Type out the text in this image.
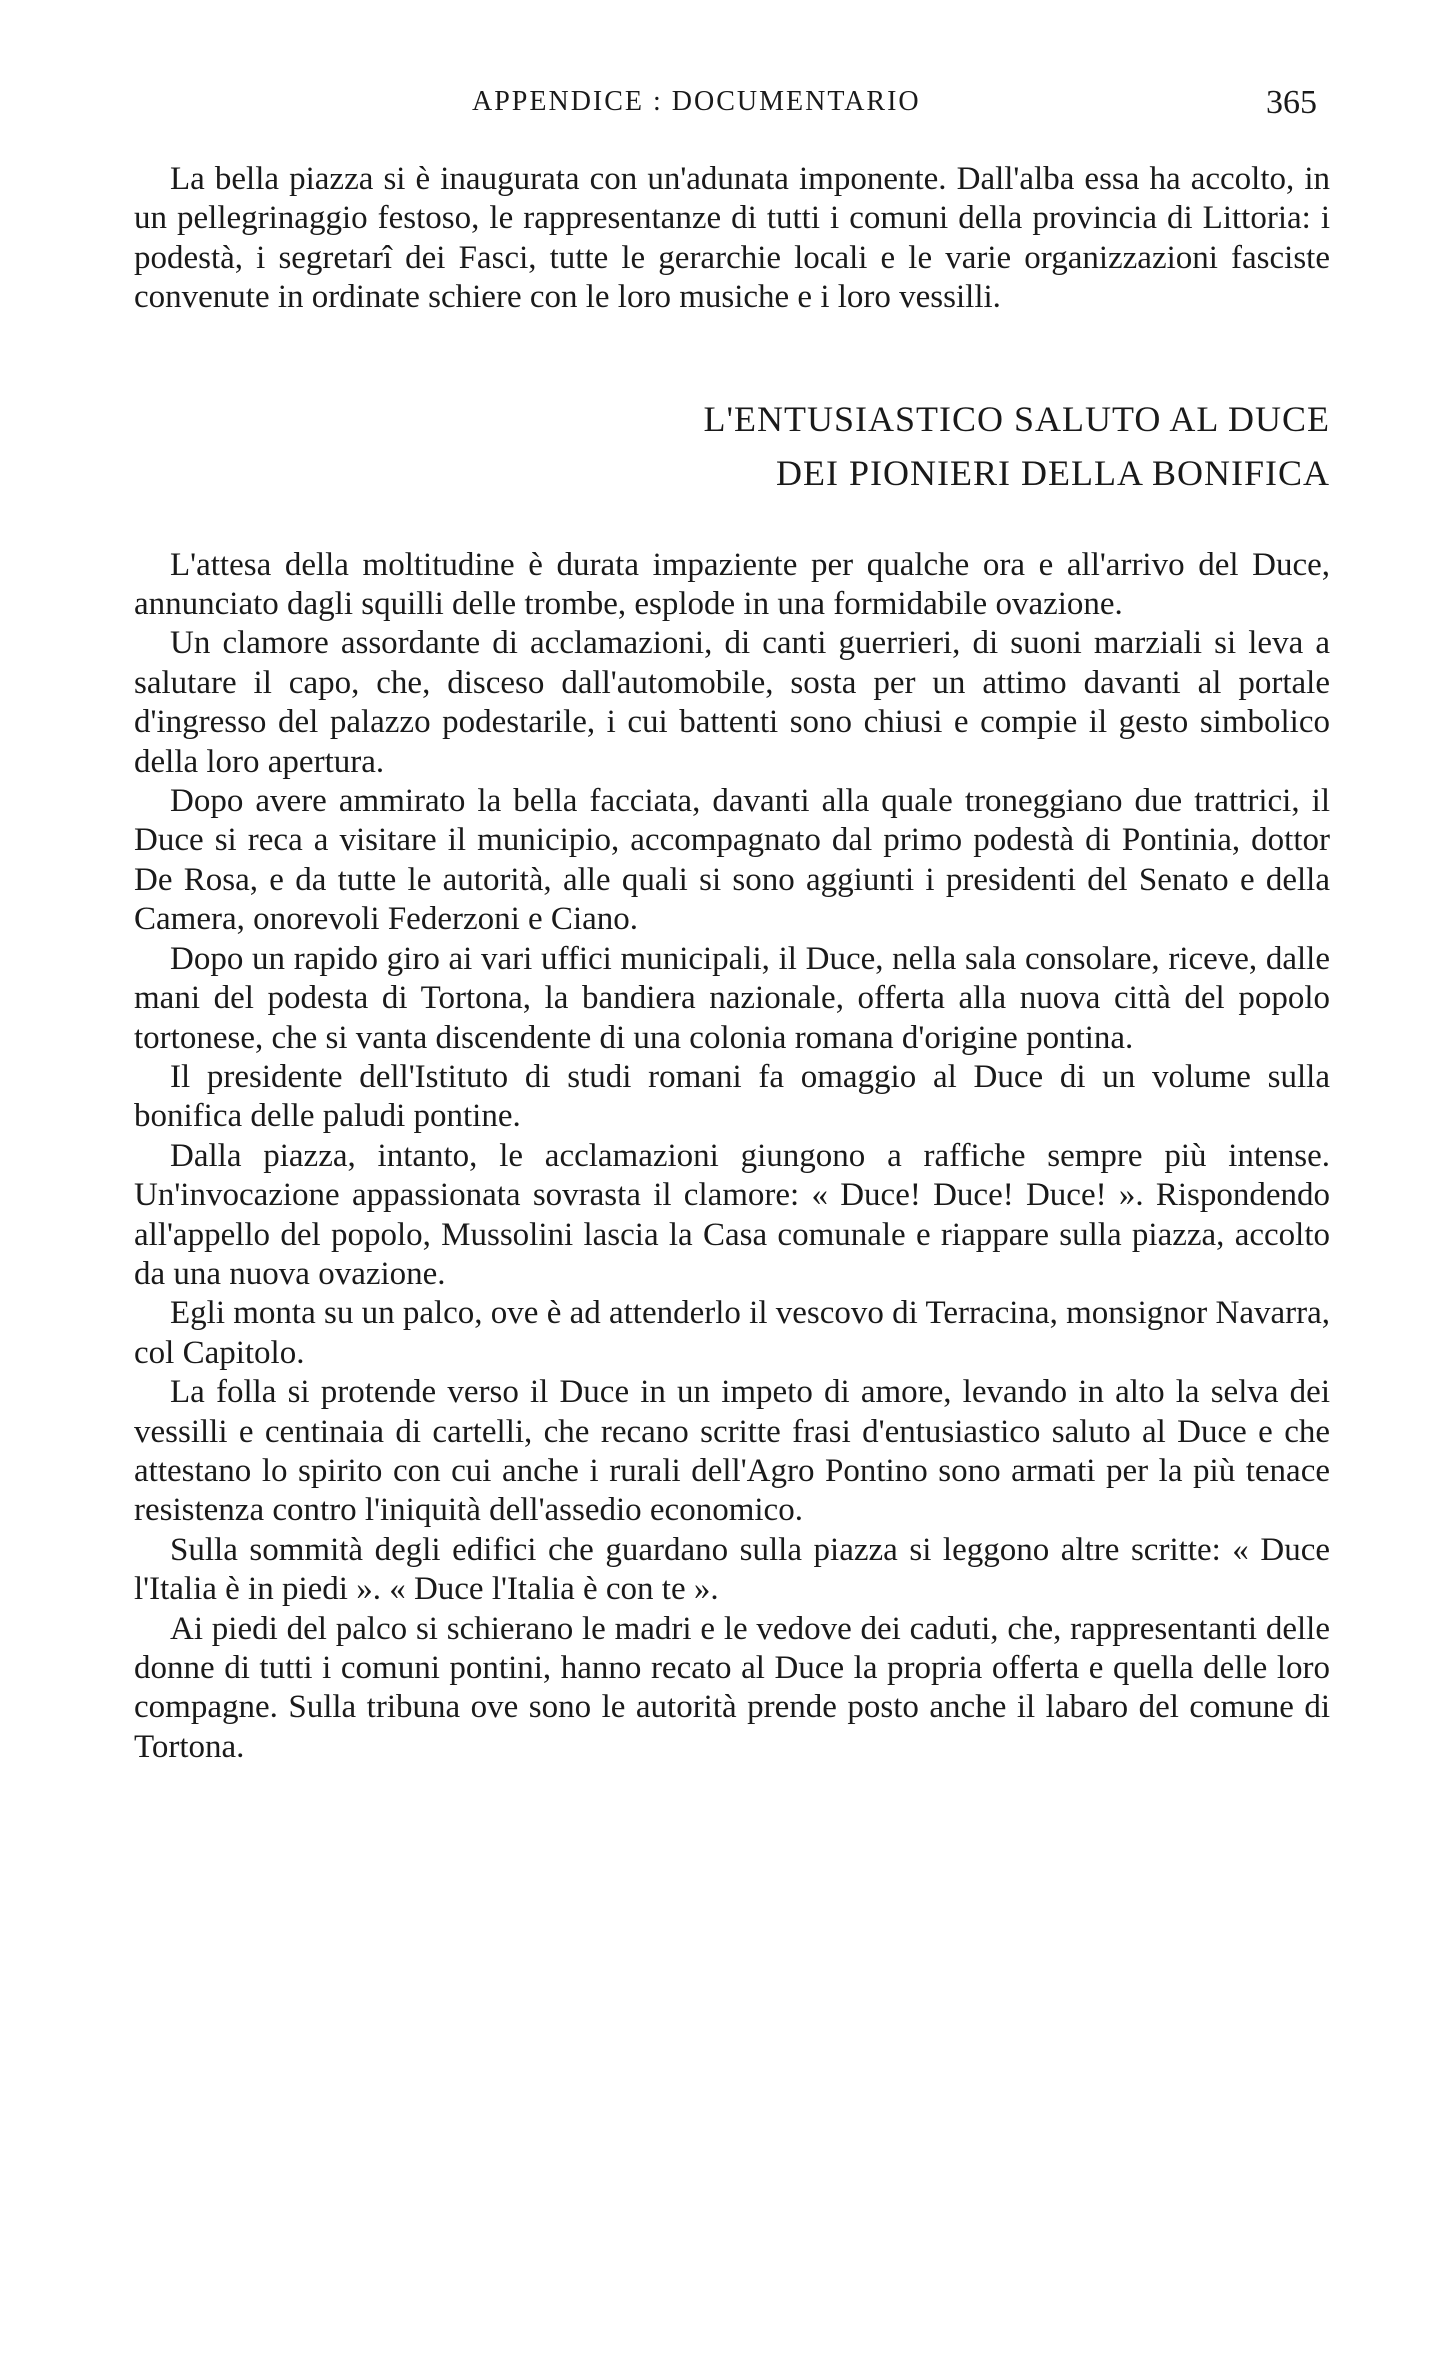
APPENDICE : DOCUMENTARIO	365

La bella piazza si è inaugurata con un'adunata imponente. Dall'alba essa ha accolto, in un pellegrinaggio festoso, le rappresentanze di tutti i comuni della provincia di Littoria: i podestà, i segretarî dei Fasci, tutte le gerarchie locali e le varie organizzazioni fasciste convenute in ordinate schiere con le loro musiche e i loro vessilli.

L'ENTUSIASTICO SALUTO AL DUCE
DEI PIONIERI DELLA BONIFICA

L'attesa della moltitudine è durata impaziente per qualche ora e all'arrivo del Duce, annunciato dagli squilli delle trombe, esplode in una formidabile ovazione.

Un clamore assordante di acclamazioni, di canti guerrieri, di suoni marziali si leva a salutare il capo, che, disceso dall'automobile, sosta per un attimo davanti al portale d'ingresso del palazzo podestarile, i cui battenti sono chiusi e compie il gesto simbolico della loro apertura.

Dopo avere ammirato la bella facciata, davanti alla quale troneggiano due trattrici, il Duce si reca a visitare il municipio, accompagnato dal primo podestà di Pontinia, dottor De Rosa, e da tutte le autorità, alle quali si sono aggiunti i presidenti del Senato e della Camera, onorevoli Federzoni e Ciano.

Dopo un rapido giro ai vari uffici municipali, il Duce, nella sala consolare, riceve, dalle mani del podesta di Tortona, la bandiera nazionale, offerta alla nuova città del popolo tortonese, che si vanta discendente di una colonia romana d'origine pontina.

Il presidente dell'Istituto di studi romani fa omaggio al Duce di un volume sulla bonifica delle paludi pontine.

Dalla piazza, intanto, le acclamazioni giungono a raffiche sempre più intense. Un'invocazione appassionata sovrasta il clamore: « Duce! Duce! Duce! ». Rispondendo all'appello del popolo, Mussolini lascia la Casa comunale e riappare sulla piazza, accolto da una nuova ovazione.

Egli monta su un palco, ove è ad attenderlo il vescovo di Terracina, monsignor Navarra, col Capitolo.

La folla si protende verso il Duce in un impeto di amore, levando in alto la selva dei vessilli e centinaia di cartelli, che recano scritte frasi d'entusiastico saluto al Duce e che attestano lo spirito con cui anche i rurali dell'Agro Pontino sono armati per la più tenace resistenza contro l'iniquità dell'assedio economico.

Sulla sommità degli edifici che guardano sulla piazza si leggono altre scritte: « Duce l'Italia è in piedi ». « Duce l'Italia è con te ».

Ai piedi del palco si schierano le madri e le vedove dei caduti, che, rappresentanti delle donne di tutti i comuni pontini, hanno recato al Duce la propria offerta e quella delle loro compagne. Sulla tribuna ove sono le autorità prende posto anche il labaro del comune di Tortona.
